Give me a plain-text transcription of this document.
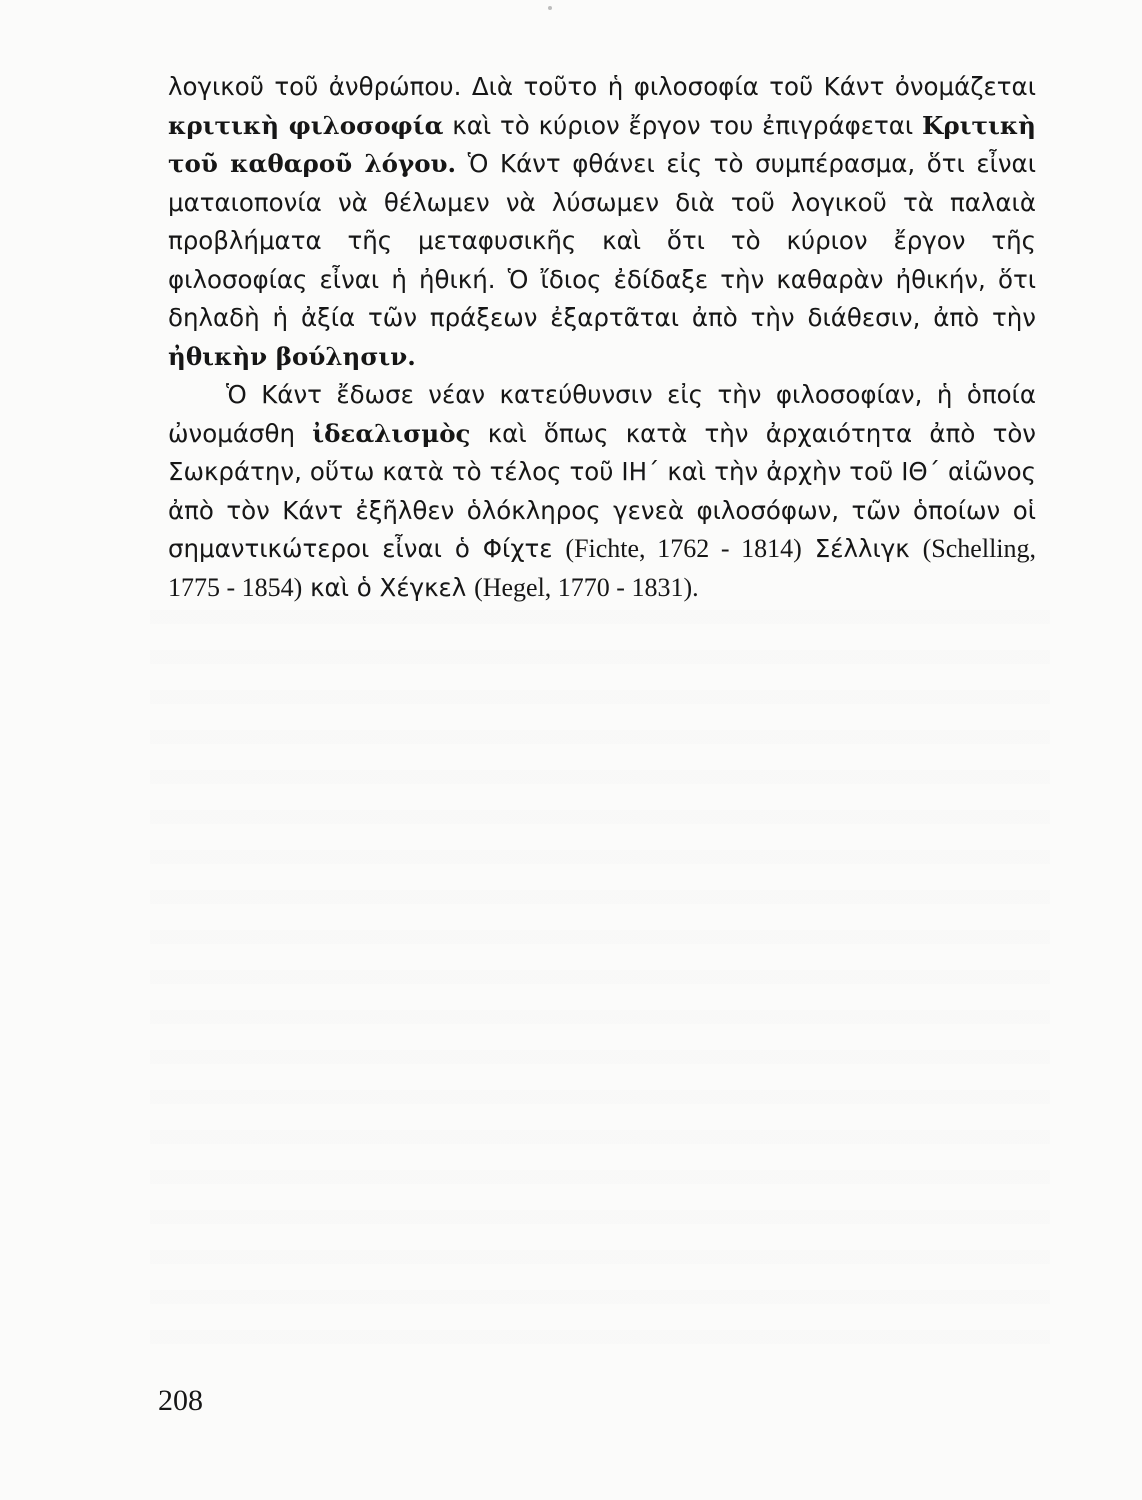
λογικοῦ τοῦ ἀνθρώπου. Διὰ τοῦτο ἡ φιλοσοφία τοῦ Κάντ ὀνομάζεται κριτικὴ φιλοσοφία καὶ τὸ κύριον ἔργον του ἐπιγράφεται Κριτικὴ τοῦ καθαροῦ λόγου. Ὁ Κάντ φθάνει εἰς τὸ συμπέρασμα, ὅτι εἶναι ματαιοπονία νὰ θέλωμεν νὰ λύσωμεν διὰ τοῦ λογικοῦ τὰ παλαιὰ προβλήματα τῆς μεταφυσικῆς καὶ ὅτι τὸ κύριον ἔργον τῆς φιλοσοφίας εἶναι ἡ ἠθική. Ὁ ἴδιος ἐδίδαξε τὴν καθαρὰν ἠθικήν, ὅτι δηλαδὴ ἡ ἀξία τῶν πράξεων ἐξαρτᾶται ἀπὸ τὴν διάθεσιν, ἀπὸ τὴν ἠθικὴν βούλησιν.

Ὁ Κάντ ἔδωσε νέαν κατεύθυνσιν εἰς τὴν φιλοσοφίαν, ἡ ὁποία ὠνομάσθη ἰδεαλισμὸς καὶ ὅπως κατὰ τὴν ἀρχαιότητα ἀπὸ τὸν Σωκράτην, οὕτω κατὰ τὸ τέλος τοῦ ΙΗ΄ καὶ τὴν ἀρχὴν τοῦ ΙΘ΄ αἰῶνος ἀπὸ τὸν Κάντ ἐξῆλθεν ὁλόκληρος γενεὰ φιλοσόφων, τῶν ὁποίων οἱ σημαντικώτεροι εἶναι ὁ Φίχτε (Fichte, 1762 - 1814) Σέλλιγκ (Schelling, 1775 - 1854) καὶ ὁ Χέγκελ (Hegel, 1770 - 1831).

208
